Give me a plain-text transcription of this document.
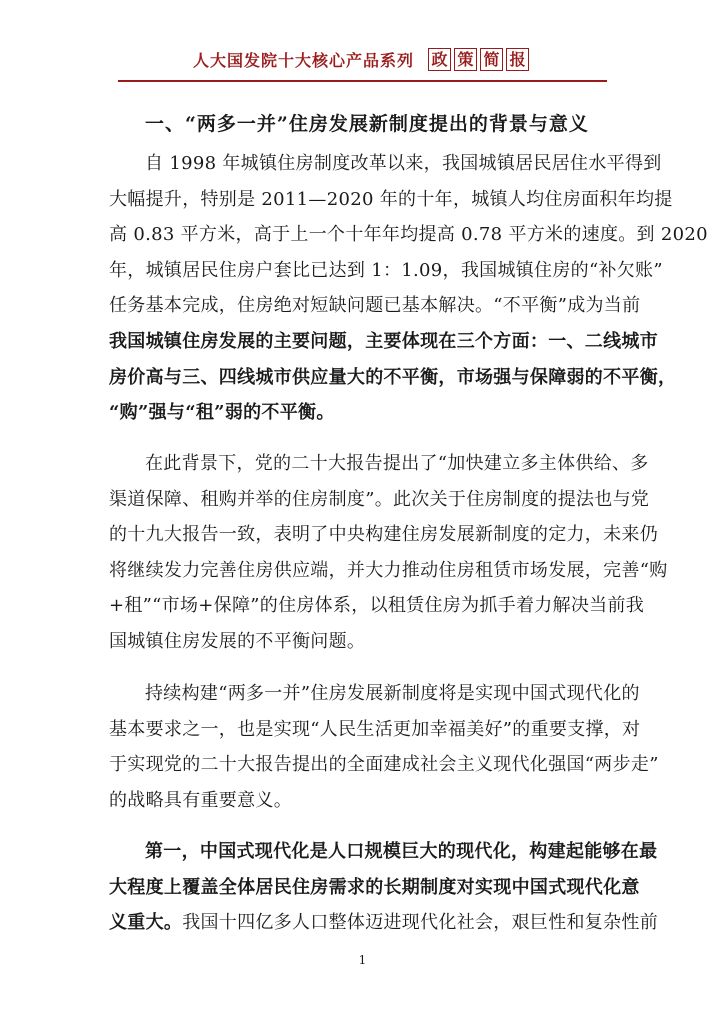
人大国发院十大核心产品系列 政 策 简 报
一、“两多一并”住房发展新制度提出的背景与意义
自 1998 年城镇住房制度改革以来，我国城镇居民居住水平得到
大幅提升，特别是 2011—2020 年的十年，城镇人均住房面积年均提
高 0.83 平方米，高于上一个十年年均提高 0.78 平方米的速度。到 2020
年，城镇居民住房户套比已达到 1：1.09，我国城镇住房的“补欠账”
任务基本完成，住房绝对短缺问题已基本解决。“不平衡”成为当前
我国城镇住房发展的主要问题，主要体现在三个方面：一、二线城市
房价高与三、四线城市供应量大的不平衡，市场强与保障弱的不平衡，
“购”强与“租”弱的不平衡。
在此背景下，党的二十大报告提出了“加快建立多主体供给、多
渠道保障、租购并举的住房制度”。此次关于住房制度的提法也与党
的十九大报告一致，表明了中央构建住房发展新制度的定力，未来仍
将继续发力完善住房供应端，并大力推动住房租赁市场发展，完善“购
+租”“市场+保障”的住房体系，以租赁住房为抓手着力解决当前我
国城镇住房发展的不平衡问题。
持续构建“两多一并”住房发展新制度将是实现中国式现代化的
基本要求之一，也是实现“人民生活更加幸福美好”的重要支撑，对
于实现党的二十大报告提出的全面建成社会主义现代化强国“两步走”
的战略具有重要意义。
第一，中国式现代化是人口规模巨大的现代化，构建起能够在最
大程度上覆盖全体居民住房需求的长期制度对实现中国式现代化意
义重大。我国十四亿多人口整体迈进现代化社会，艰巨性和复杂性前
1
